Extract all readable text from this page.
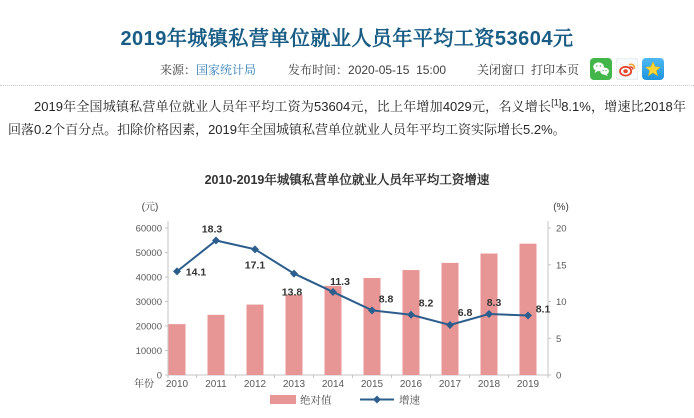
2019年城镇私营单位就业人员年平均工资53604元
来源：国家统计局	发布时间：2020-05-15  15:00	关闭窗口 打印本页

2019年全国城镇私营单位就业人员年平均工资为53604元，比上年增加4029元，名义增长[1]8.1%，增速比2018年回落0.2个百分点。扣除价格因素，2019年全国城镇私营单位就业人员年平均工资实际增长5.2%。

2010-2019年城镇私营单位就业人员年平均工资增速
0
10000
20000
30000
40000
50000
60000
0
5
10
15
20
(元)	(%)
2010 2011 2012 2013 2014 2015 2016 2017 2018 2019
年份
14.1
18.3
17.1
13.8
11.3
8.8 8.2
6.8
8.3
8.1
绝对值	增速
